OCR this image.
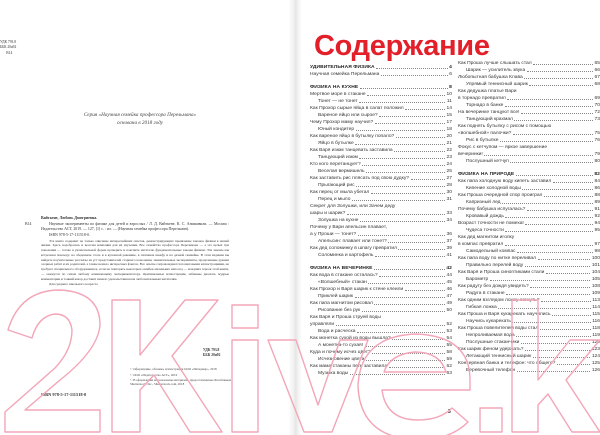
УДК 793.8
ББК 20я92
В14
Серия «Научная семейка профессора Перельмана»
основана в 2018 году
В14

Вайткене, Любовь Дмитриевна.

Научные эксперименты по физике для детей и взрослых / Л. Д. Вайткене, К. С. Аниашвили. — Москва : Издательство АСТ, 2019. — 127, [1] с. : ил. — (Научная семейка профессора Перельман).

ISBN 978-5-17-111518-0.

Эта книга содержит не только описание интереснейших опытов, демонстрирующих проявление законов физики в нашей жизни. Здесь подобралась и веселая компания для их изучения. Все семейство профессора Перельмана — а это целых три поколения — готово в увлекательной форме проверить и пояснить читателю фундаментальные законы физики. Эти законы мы встречаем повсюду: на обеденном столе и в кухонной раковине, в платяном шкафу и на дачной скамейке. В этом издании вы найдете поучительные рассказы из уст представителей старшего поколения, занимательные эксперименты, проделанные руками озорных ребят и их родителей, а также немало интересных фактов. Все опыты сопровождаются пошаговыми иллюстрациями, не требуют специального оборудования и, если не повторять некоторых ошибок маленьких непосед — младших героев этой книги, — окажутся по силам любому начинающему экспериментатору. Оригинальные иллюстрации, забавные диалоги, мудрые комментарии и тонкий юмор доставят немало удовольствия всем любознательным читателям.

Для среднего школьного возраста

УДК 793.8
ББК 20я92
© Оформление, обложка, иллюстрации ООО «Интеджер», 2018
© ООО «Издательство АСТ», 2019
© В оформлении использованы материалы, предоставленные Фотобанком Shutterstock, Inc., Shutterstock.com, 2018
ISBN 978-5-17-111518-0
Содержание
УДИВИТЕЛЬНАЯ ФИЗИКА	4
Научная семейка Перельмана	6
ФИЗИКА НА КУХНЕ	8
Мертвое море в стакане	10
Тонет — не тонет	11
Как Прохор сырые яйца в салат положил	14
Вареное яйцо или сырое?	15
Чему Прохор маму научил?	17
Юный кондитер	18
Как вареное яйцо в бутылку попало?	20
Яйцо в бутылке	21
Как Варя изюм танцевать заставила	22
Танцующий изюм	23
Кто кого перетанцует?	24
Веселая вермишель	25
Как заставить рис плясать под свою дудку?	27
Прыгающий рис	28
Как перец от мыла убегал	30
Перец и мыло	31
Секрет для Золушки, или Зачем деду
шары и шарик?	33
Золушка на кухне	34
Почему у Вари апельсин плавает,
а у Проши — тонет?	36
Апельсин: плавает или тонет?	37
Как дед соломинку в шпагу превратил	39
Соломинка и картофель	41
ФИЗИКА НА ВЕЧЕРИНКЕ	42
Как вода в стакане осталась?	44
«Волшебный» стакан	45
Как Прохор и Варя шарик к стене клеили	46
Приклей шарик	47
Как папа магнитом рисовал	49
Рисование без рук	50
Как Варя и Проша струей воды
управляли	52
Вода и расческа	53
Как монетка сухой из воды вышла?	54
А монетка-то сухая!	55
Куда и почему исчез цвет?	58
Исчезновение цвета	59
Как мама стаканы петь заставила	62
Музыка воды	63
Как Проша лучше слышать стал	65
Шарик — усилитель звука	66
Любопытная бабушка Клава	67
Упрямый теннисный шарик	68
Как дедушка платье Вари
в торнадо превратил	69
Торнадо в банке	70
На вечеринке танцуют все!	72
Танцующий крахмал	73
Как поднять бутылку с рисом с помощью
«волшебной» палочки?	75
Рис в бутылке	76
Фокус с кетчупом — яркое завершение
вечеринки!	79
Послушный кетчуп	80
ФИЗИКА НА ПРИРОДЕ	82
Как папа холодную воду кипеть заставил	84
Кипение холодной воды	86
Как Проша очередной спор проиграл	88
Капризный лед	89
Почему бабушка испугалась?	91
Кровавый дождь	92
Возраст точности не помеха!	94
Чудеса точности	95
Как дед магнитом иголку
в компас превратил	97
Самодельный компас	98
Как папа воду по нитке переливал	100
Правильно перелей воду	101
Как Варя и Проша синоптиками стали	104
Барометр	105
Как радугу без дождя увидеть?	108
Радуга в стакане	109
Как одним взглядом ложку согнуть?	113
Гибкая ложка	114
Как Проша и Варя кукарекать научились	115
Научись кукарекать	116
Как Проша повелителем воды стал	118
Непроливаемая вода	119
Послушные стаканчики	120
Как шарик феном удержать?	123
Летающий теннисный шарик	124
Консервная банка и телефон: что общего?	125
Веревочный телефон	126
3
